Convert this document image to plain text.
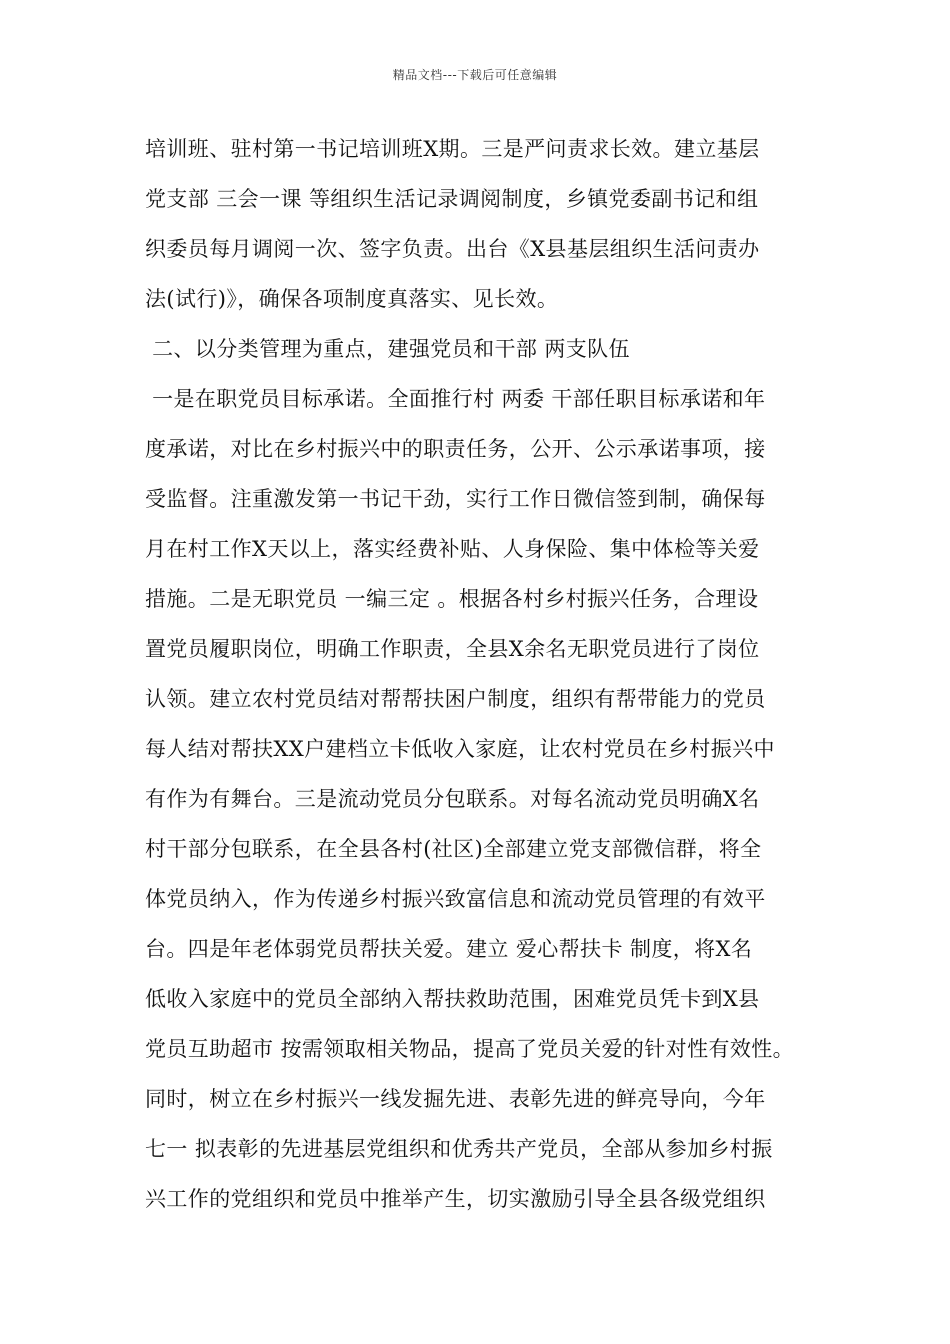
精品文档---下载后可任意编辑
培训班、驻村第一书记培训班X期。三是严问责求长效。建立基层
党支部 三会一课 等组织生活记录调阅制度，乡镇党委副书记和组
织委员每月调阅一次、签字负责。出台《X县基层组织生活问责办
法(试行)》，确保各项制度真落实、见长效。
二、以分类管理为重点，建强党员和干部 两支队伍
一是在职党员目标承诺。全面推行村 两委 干部任职目标承诺和年
度承诺，对比在乡村振兴中的职责任务，公开、公示承诺事项，接
受监督。注重激发第一书记干劲，实行工作日微信签到制，确保每
月在村工作X天以上，落实经费补贴、人身保险、集中体检等关爱
措施。二是无职党员 一编三定 。根据各村乡村振兴任务，合理设
置党员履职岗位，明确工作职责，全县X余名无职党员进行了岗位
认领。建立农村党员结对帮帮扶困户制度，组织有帮带能力的党员
每人结对帮扶XX户建档立卡低收入家庭，让农村党员在乡村振兴中
有作为有舞台。三是流动党员分包联系。对每名流动党员明确X名
村干部分包联系，在全县各村(社区)全部建立党支部微信群，将全
体党员纳入，作为传递乡村振兴致富信息和流动党员管理的有效平
台。四是年老体弱党员帮扶关爱。建立 爱心帮扶卡 制度，将X名
低收入家庭中的党员全部纳入帮扶救助范围，困难党员凭卡到X县
党员互助超市 按需领取相关物品，提高了党员关爱的针对性有效性。
同时，树立在乡村振兴一线发掘先进、表彰先进的鲜亮导向，今年
七一 拟表彰的先进基层党组织和优秀共产党员，全部从参加乡村振
兴工作的党组织和党员中推举产生，切实激励引导全县各级党组织
